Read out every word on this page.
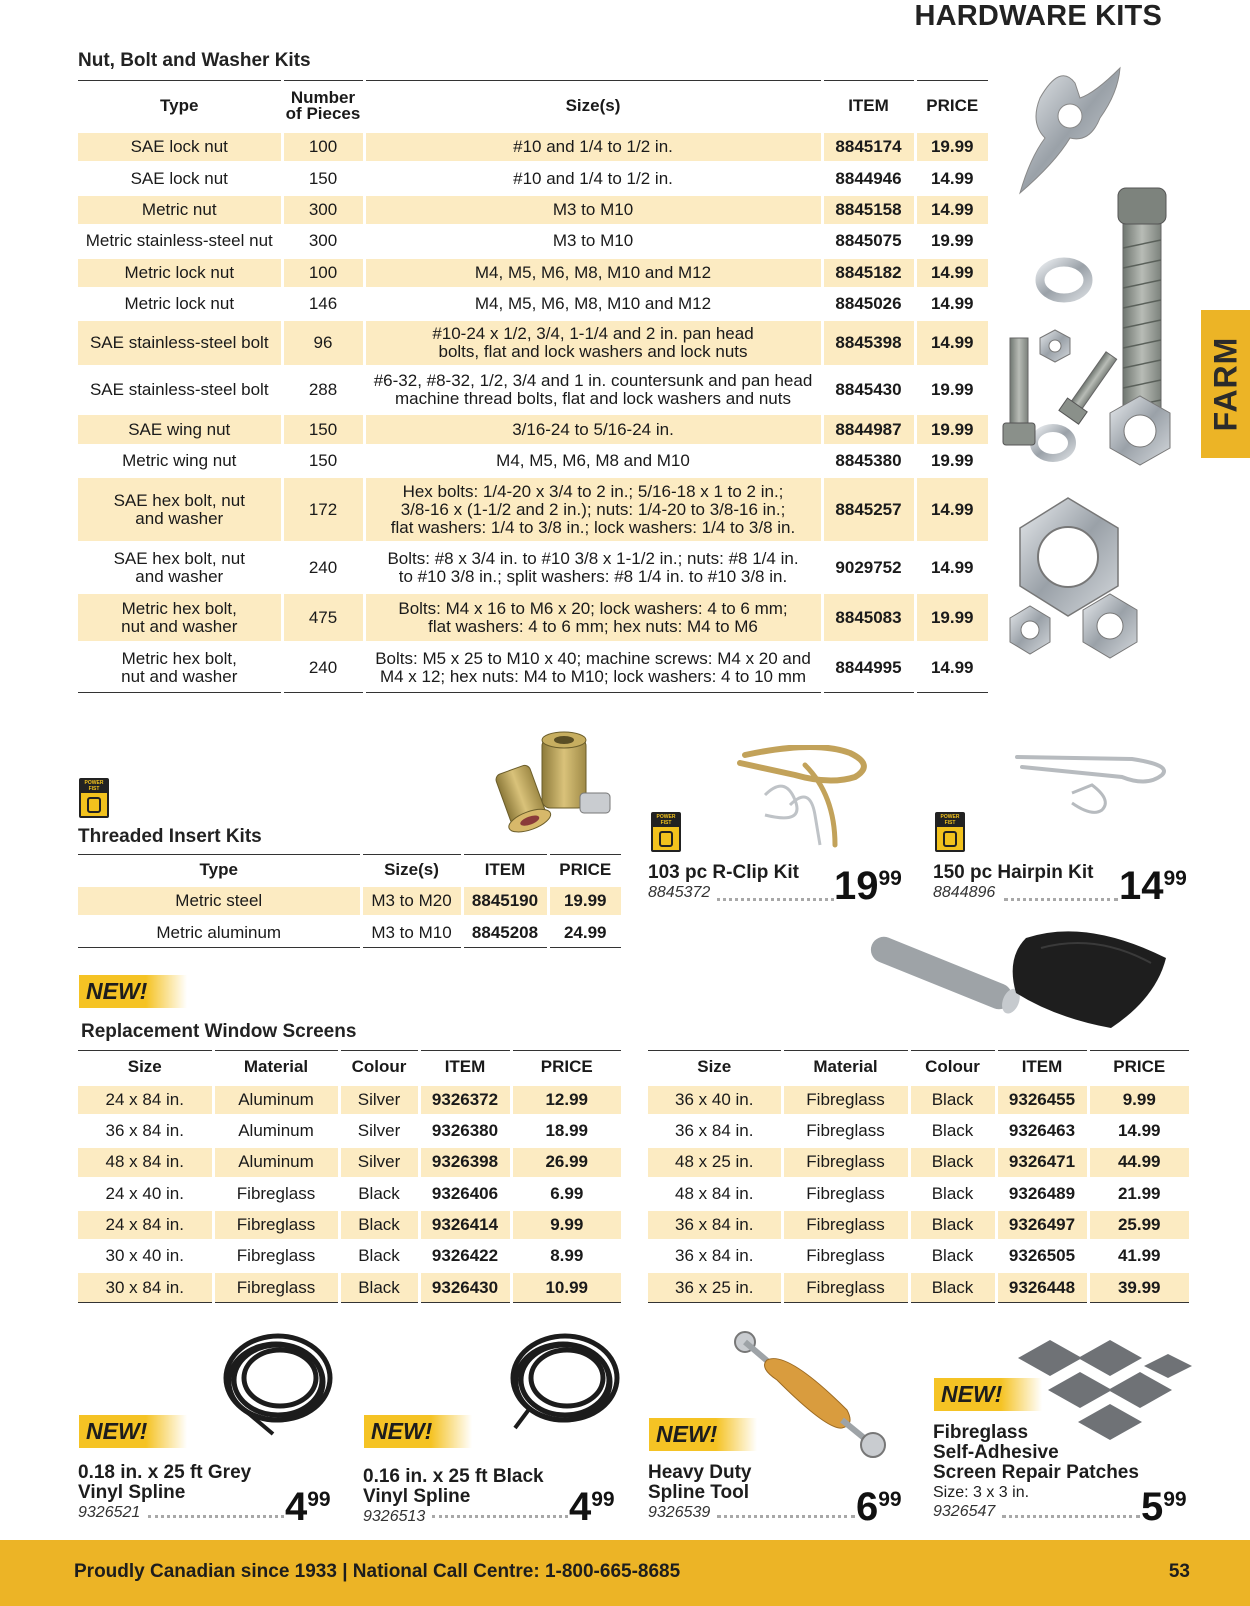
HARDWARE KITS
FARM
Nut, Bolt and Washer Kits
Type	Number
of Pieces	Size(s)	ITEM	PRICE
SAE lock nut	100	#10 and 1/4 to 1/2 in.	8845174	19.99
SAE lock nut	150	#10 and 1/4 to 1/2 in.	8844946	14.99
Metric nut	300	M3 to M10	8845158	14.99
Metric stainless-steel nut	300	M3 to M10	8845075	19.99
Metric lock nut	100	M4, M5, M6, M8, M10 and M12	8845182	14.99
Metric lock nut	146	M4, M5, M6, M8, M10 and M12	8845026	14.99
SAE stainless-steel bolt	96	#10-24 x 1/2, 3/4, 1-1/4 and 2 in. pan head
bolts, flat and lock washers and lock nuts	8845398	14.99
SAE stainless-steel bolt	288	#6-32, #8-32, 1/2, 3/4 and 1 in. countersunk and pan head
machine thread bolts, flat and lock washers and nuts	8845430	19.99
SAE wing nut	150	3/16-24 to 5/16-24 in.	8844987	19.99
Metric wing nut	150	M4, M5, M6, M8 and M10	8845380	19.99
SAE hex bolt, nut
and washer	172	Hex bolts: 1/4-20 x 3/4 to 2 in.; 5/16-18 x 1 to 2 in.;
3/8-16 x (1-1/2 and 2 in.); nuts: 1/4-20 to 3/8-16 in.;
flat washers: 1/4 to 3/8 in.; lock washers: 1/4 to 3/8 in.	8845257	14.99
SAE hex bolt, nut
and washer	240	Bolts: #8 x 3/4 in. to #10 3/8 x 1-1/2 in.; nuts: #8 1/4 in.
to #10 3/8 in.; split washers: #8 1/4 in. to #10 3/8 in.	9029752	14.99
Metric hex bolt,
nut and washer	475	Bolts: M4 x 16 to M6 x 20; lock washers: 4 to 6 mm;
flat washers: 4 to 6 mm; hex nuts: M4 to M6	8845083	19.99
Metric hex bolt,
nut and washer	240	Bolts: M5 x 25 to M10 x 40; machine screws: M4 x 20 and
M4 x 12; hex nuts: M4 to M10; lock washers: 4 to 10 mm	8844995	14.99
POWER FIST
Threaded Insert Kits
Type	Size(s)	ITEM	PRICE
Metric steel	M3 to M20	8845190	19.99
Metric aluminum	M3 to M10	8845208	24.99
POWER FIST
103 pc R-Clip Kit
8845372	1999
POWER FIST
150 pc Hairpin Kit
8844896	1499
NEW!
Replacement Window Screens
Size	Material	Colour	ITEM	PRICE
24 x 84 in.	Aluminum	Silver	9326372	12.99
36 x 84 in.	Aluminum	Silver	9326380	18.99
48 x 84 in.	Aluminum	Silver	9326398	26.99
24 x 40 in.	Fibreglass	Black	9326406	6.99
24 x 84 in.	Fibreglass	Black	9326414	9.99
30 x 40 in.	Fibreglass	Black	9326422	8.99
30 x 84 in.	Fibreglass	Black	9326430	10.99
Size	Material	Colour	ITEM	PRICE
36 x 40 in.	Fibreglass	Black	9326455	9.99
36 x 84 in.	Fibreglass	Black	9326463	14.99
48 x 25 in.	Fibreglass	Black	9326471	44.99
48 x 84 in.	Fibreglass	Black	9326489	21.99
36 x 84 in.	Fibreglass	Black	9326497	25.99
36 x 84 in.	Fibreglass	Black	9326505	41.99
36 x 25 in.	Fibreglass	Black	9326448	39.99
NEW!
0.18 in. x 25 ft Grey
Vinyl Spline
9326521	499
NEW!
0.16 in. x 25 ft Black
Vinyl Spline
9326513	499
NEW!
Heavy Duty
Spline Tool
9326539	699
NEW!
Fibreglass
Self-Adhesive
Screen Repair Patches
Size: 3 x 3 in.
9326547	599
Proudly Canadian since 1933 | National Call Centre: 1-800-665-8685	53
